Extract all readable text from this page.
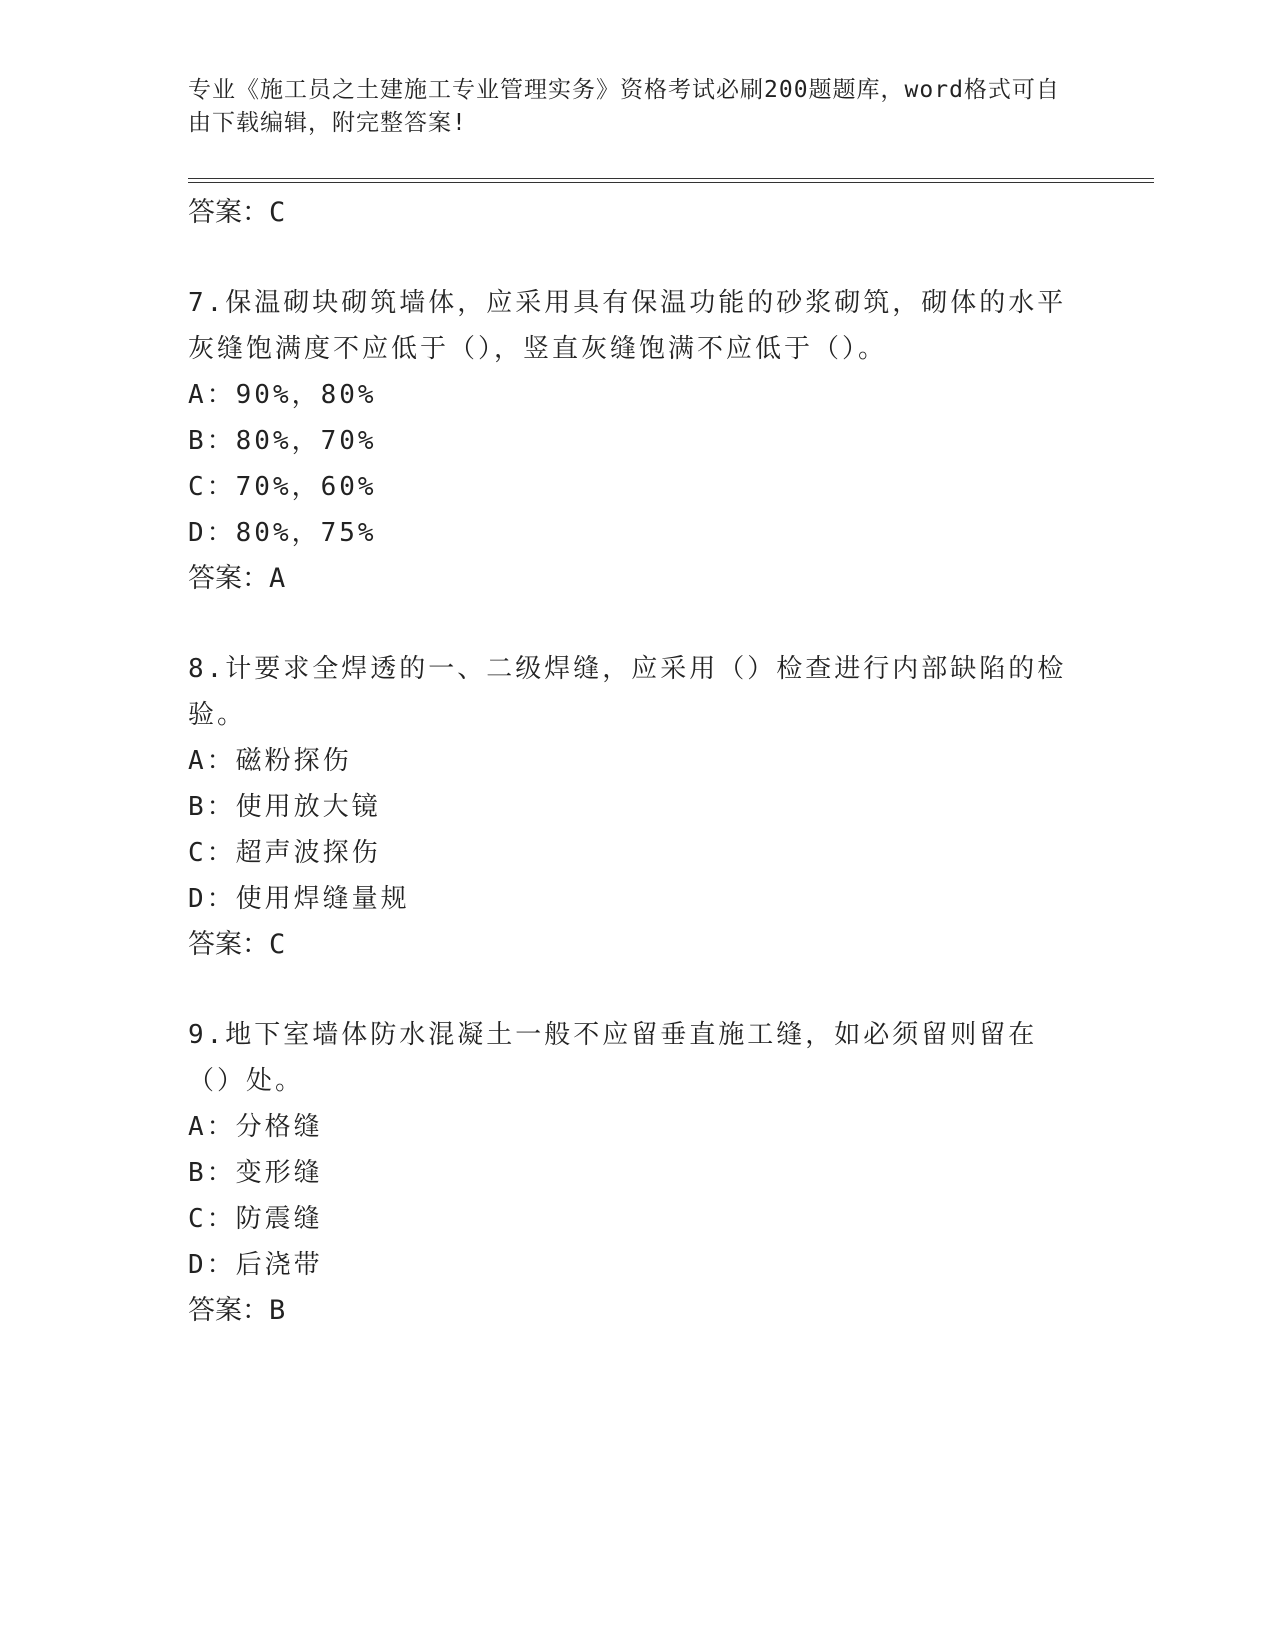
专业《施工员之土建施工专业管理实务》资格考试必刷200题题库，word格式可自由下载编辑，附完整答案!

答案：C

7.保温砌块砌筑墙体，应采用具有保温功能的砂浆砌筑，砌体的水平灰缝饱满度不应低于（），竖直灰缝饱满不应低于（）。

A：90%，80%

B：80%，70%

C：70%，60%

D：80%，75%

答案：A

8.计要求全焊透的一、二级焊缝，应采用（）检查进行内部缺陷的检验。

A：磁粉探伤

B：使用放大镜

C：超声波探伤

D：使用焊缝量规

答案：C

9.地下室墙体防水混凝土一般不应留垂直施工缝，如必须留则留在（）处。

A：分格缝

B：变形缝

C：防震缝

D：后浇带

答案：B
